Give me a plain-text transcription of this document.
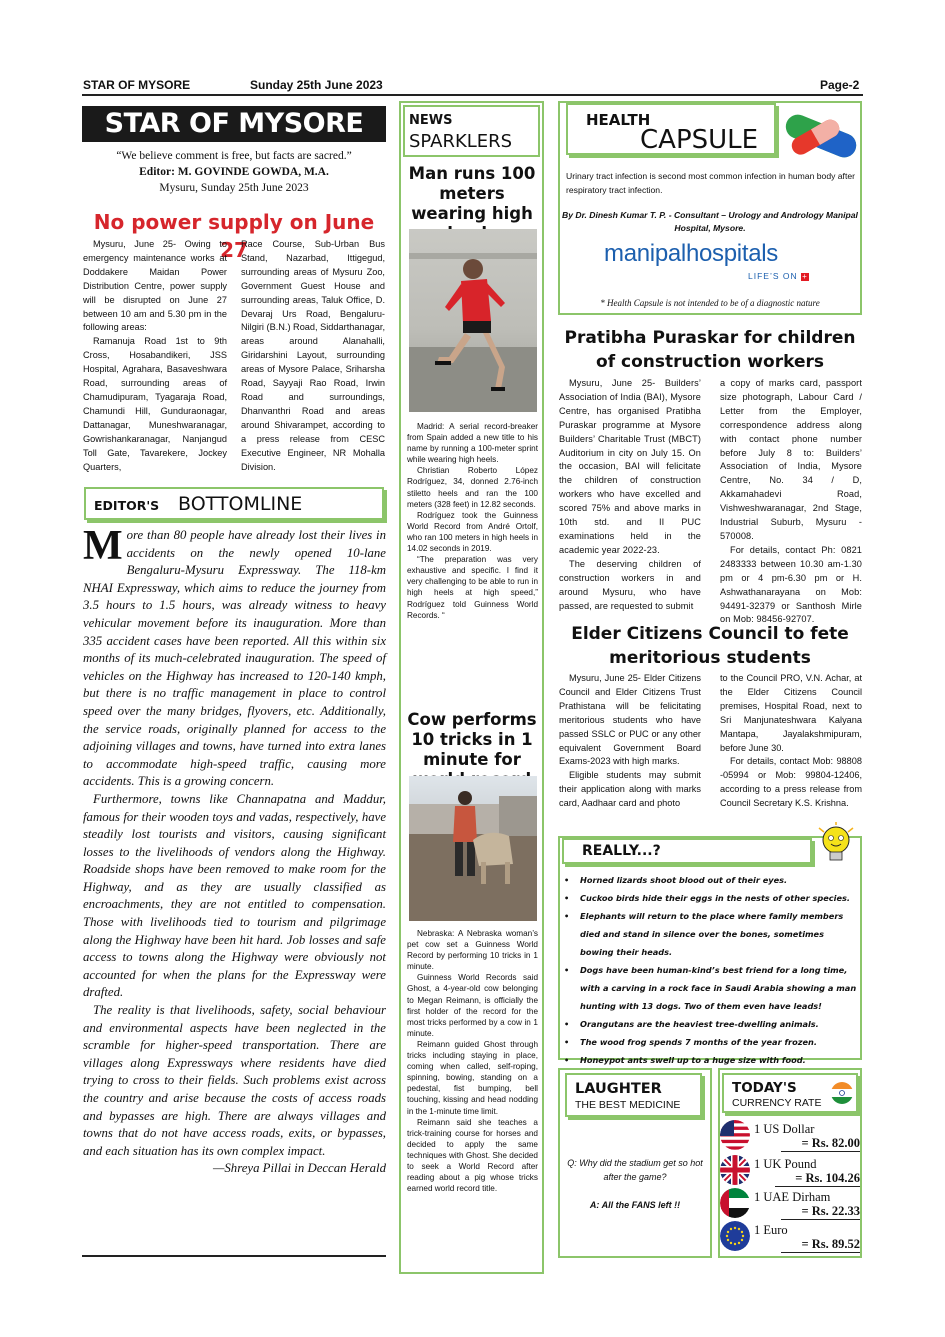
STAR OF MYSORE	Sunday 25th June 2023	Page-2
STAR OF MYSORE
“We believe comment is free, but facts are sacred.”
Editor: M. GOVINDE GOWDA, M.A.
Mysuru, Sunday 25th June 2023
No power supply on June 27

Mysuru, June 25- Owing to emergency maintenance works at Doddakere Maidan Power Distribution Centre, power supply will be disrupted on June 27 between 10 am and 5.30 pm in the following areas:

Ramanuja Road 1st to 9th Cross, Hosabandikeri, JSS Hospital, Agrahara, Basaveshwara Road, surrounding areas of Chamudipuram, Tyagaraja Road, Chamundi Hill, Gunduraonagar, Dattanagar, Muneshwaranagar, Gowrishankaranagar, Nanjangud Toll Gate, Tavarekere, Jockey Quarters,

Race Course, Sub-Urban Bus Stand, Nazarbad, Ittigegud, surrounding areas of Mysuru Zoo, Government Guest House and surrounding areas, Taluk Office, D. Devaraj Urs Road, Bengaluru-Nilgiri (B.N.) Road, Siddarthanagar, areas around Alanahalli, Giridarshini Layout, surrounding areas of Mysore Palace, Sriharsha Road, Sayyaji Rao Road, Irwin Road and surroundings, Dhanvanthri Road and areas around Shivarampet, according to a press release from CESC Executive Engineer, NR Mohalla Division.

EDITOR'S BOTTOMLINE

More than 80 people have already lost their lives in accidents on the newly opened 10-lane Bengaluru-Mysuru Expressway. The 118-km NHAI Expressway, which aims to reduce the journey from 3.5 hours to 1.5 hours, was already witness to heavy vehicular movement before its inauguration. More than 335 accident cases have been reported. All this within six months of its much-celebrated inauguration. The speed of vehicles on the Highway has increased to 120-140 kmph, but there is no traffic management in place to control speed over the many bridges, flyovers, etc. Additionally, the service roads, originally planned for access to the adjoining villages and towns, have turned into extra lanes to accommodate high-speed traffic, causing more accidents. This is a growing concern.

Furthermore, towns like Channapatna and Maddur, famous for their wooden toys and vadas, respectively, have steadily lost tourists and visitors, causing significant losses to the livelihoods of vendors along the Highway. Roadside shops have been removed to make room for the Highway, and as they are usually classified as encroachments, they are not entitled to compensation. Those with livelihoods tied to tourism and pilgrimage along the Highway have been hit hard. Job losses and safe access to towns along the Highway were obviously not accounted for when the plans for the Expressway were drafted.

The reality is that livelihoods, safety, social behaviour and environmental aspects have been neglected in the scramble for higher-speed transportation. There are villages along Expressways where residents have died trying to cross to their fields. Such problems exist across the country and arise because the costs of access roads and bypasses are high. There are always villages and towns that do not have access roads, exits, or bypasses, and each situation has its own complex impact.

—Shreya Pillai in Deccan Herald
NEWS
SPARKLERS
Man runs 100 meters wearing high

Madrid: A serial record-breaker from Spain added a new title to his name by running a 100-meter sprint while wearing high heels.

Christian Roberto López Rodríguez, 34, donned 2.76-inch stiletto heels and ran the 100 meters (328 feet) in 12.82 seconds.

Rodríguez took the Guinness World Record from André Ortolf, who ran 100 meters in high heels in 14.02 seconds in 2019.

“The preparation was very exhaustive and specific. I find it very challenging to be able to run in high heels at high speed,” Rodríguez told Guinness World Records. “

Cow performs 10 tricks in 1 minute for

Nebraska: A Nebraska woman’s pet cow set a Guinness World Record by performing 10 tricks in 1 minute.

Guinness World Records said Ghost, a 4-year-old cow belonging to Megan Reimann, is officially the first holder of the record for the most tricks performed by a cow in 1 minute.

Reimann guided Ghost through tricks including staying in place, coming when called, self-roping, spinning, bowing, standing on a pedestal, fist bumping, bell touching, kissing and head nodding in the 1-minute time limit.

Reimann said she teaches a trick-training course for horses and decided to apply the same techniques with Ghost. She decided to seek a World Record after reading about a pig whose tricks earned world record title.

HEALTH
CAPSULE
Urinary tract infection is second most common infection in human body after respiratory tract infection.
By Dr. Dinesh Kumar T. P. - Consultant – Urology and Andrology Manipal Hospital, Mysore.
manipalhospitals
LIFE’S ON +
* Health Capsule is not intended to be of a diagnostic nature
Pratibha Puraskar for children of construction workers

Mysuru, June 25- Builders’ Association of India (BAI), Mysore Centre, has organised Pratibha Puraskar programme at Mysore Builders’ Charitable Trust (MBCT) Auditorium in city on July 15. On the occasion, BAI will felicitate the children of construction workers who have excelled and scored 75% and above marks in 10th std. and II PUC examinations held in the academic year 2022-23.

The deserving children of construction workers in and around Mysuru, who have passed, are requested to submit

a copy of marks card, passport size photograph, Labour Card / Letter from the Employer, correspondence address along with contact phone number before July 8 to: Builders’ Association of India, Mysore Centre, No. 34 / D, Akkamahadevi Road, Vishweshwaranagar, 2nd Stage, Industrial Suburb, Mysuru - 570008.

For details, contact Ph: 0821 2483333 between 10.30 am-1.30 pm or 4 pm-6.30 pm or H. Ashwathanarayana on Mob: 94491-32379 or Santhosh Mirle on Mob: 98456-92707.

Elder Citizens Council to fete meritorious students

Mysuru, June 25- Elder Citizens Council and Elder Citizens Trust Prathistana will be felicitating meritorious students who have passed SSLC or PUC or any other equivalent Government Board Exams-2023 with high marks.

Eligible students may submit their application along with marks card, Aadhaar card and photo

to the Council PRO, V.N. Achar, at the Elder Citizens Council premises, Hospital Road, next to Sri Manjunateshwara Kalyana Mantapa, Jayalakshmipuram, before June 30.

For details, contact Mob: 98808 -05994 or Mob: 99804-12406, according to a press release from Council Secretary K.S. Krishna.

REALLY...?
• Horned lizards shoot blood out of their eyes.
• Cuckoo birds hide their eggs in the nests of other species.
• Elephants will return to the place where family members died and stand in silence over the bones, sometimes bowing their heads.
• Dogs have been human-kind’s best friend for a long time, with a carving in a rock face in Saudi Arabia showing a man hunting with 13 dogs. Two of them even have leads!
• Orangutans are the heaviest tree-dwelling animals.
• The wood frog spends 7 months of the year frozen.
• Honeypot ants swell up to a huge size with food.
LAUGHTER
THE BEST MEDICINE
Q: Why did the stadium get so hot after the game?
A: All the FANS left !!
TODAY'S
CURRENCY RATE
1 US Dollar
= Rs. 82.00
1 UK Pound
= Rs. 104.26
1 UAE Dirham
= Rs. 22.33
1 Euro
= Rs. 89.52
